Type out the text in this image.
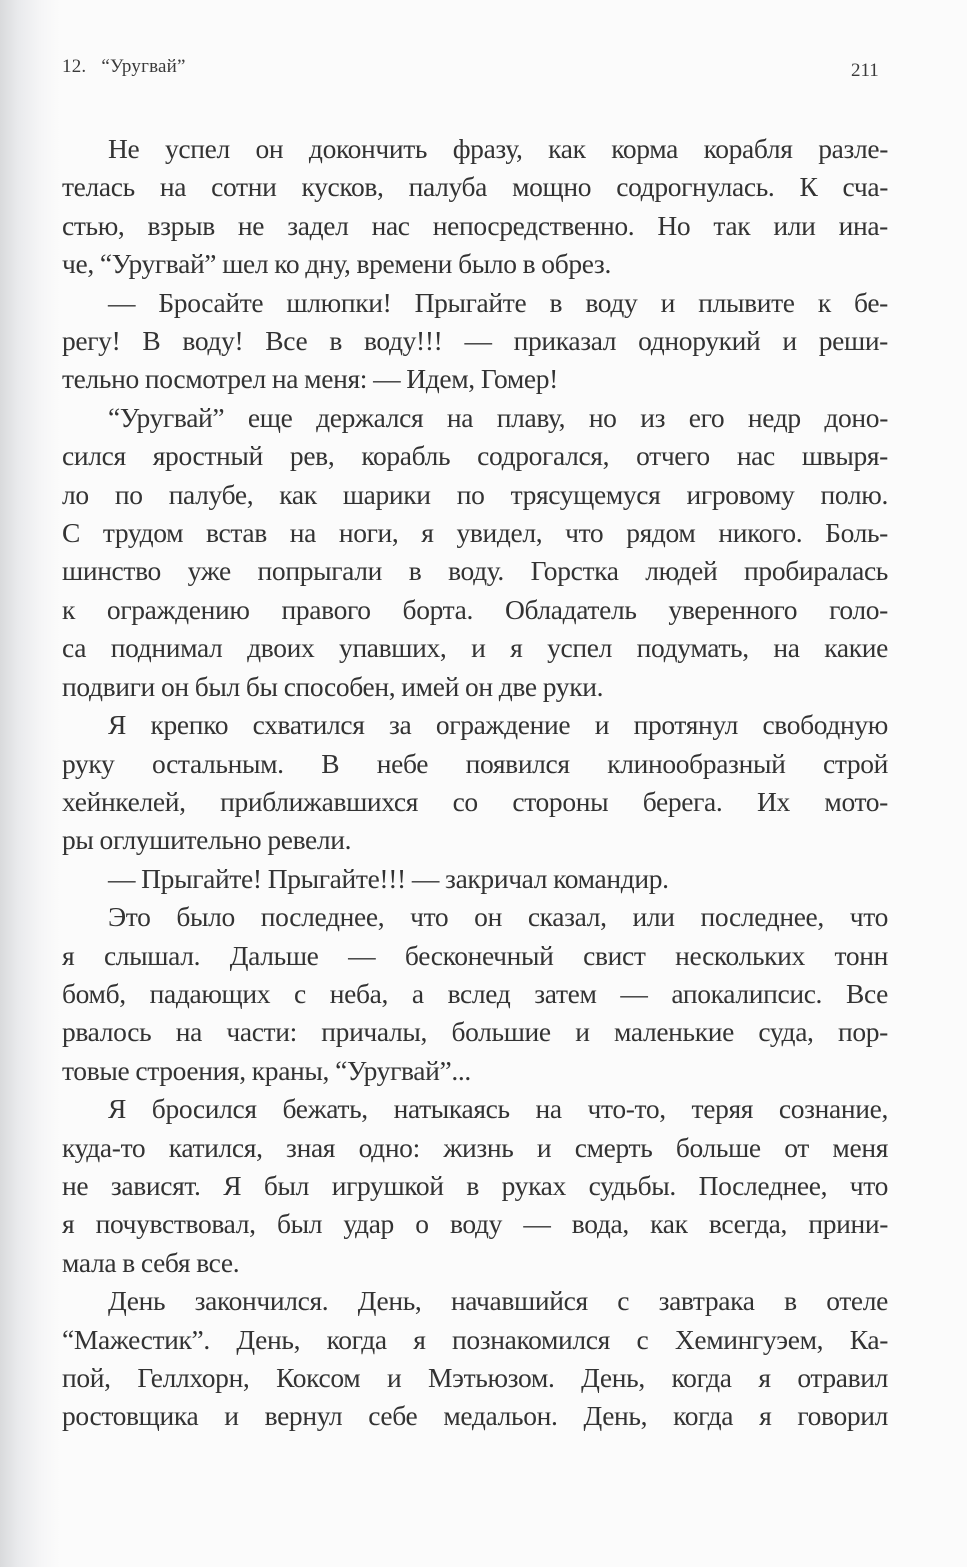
12. “Уругвай”	211

Не успел он докончить фразу, как корма корабля разле-
телась на сотни кусков, палуба мощно содрогнулась. К сча-
стью, взрыв не задел нас непосредственно. Но так или ина-
че, “Уругвай” шел ко дну, времени было в обрез.

— Бросайте шлюпки! Прыгайте в воду и плывите к бе-
регу! В воду! Все в воду!!! — приказал однорукий и реши-
тельно посмотрел на меня: — Идем, Гомер!

“Уругвай” еще держался на плаву, но из его недр доно-
сился яростный рев, корабль содрогался, отчего нас швыря-
ло по палубе, как шарики по трясущемуся игровому полю.
С трудом встав на ноги, я увидел, что рядом никого. Боль-
шинство уже попрыгали в воду. Горстка людей пробиралась
к ограждению правого борта. Обладатель уверенного голо-
са поднимал двоих упавших, и я успел подумать, на какие
подвиги он был бы способен, имей он две руки.

Я крепко схватился за ограждение и протянул свободную
руку остальным. В небе появился клинообразный строй
хейнкелей, приближавшихся со стороны берега. Их мото-
ры оглушительно ревели.

— Прыгайте! Прыгайте!!! — закричал командир.

Это было последнее, что он сказал, или последнее, что
я слышал. Дальше — бесконечный свист нескольких тонн
бомб, падающих с неба, а вслед затем — апокалипсис. Все
рвалось на части: причалы, большие и маленькие суда, пор-
товые строения, краны, “Уругвай”...

Я бросился бежать, натыкаясь на что-то, теряя сознание,
куда-то катился, зная одно: жизнь и смерть больше от меня
не зависят. Я был игрушкой в руках судьбы. Последнее, что
я почувствовал, был удар о воду — вода, как всегда, прини-
мала в себя все.

День закончился. День, начавшийся с завтрака в отеле
“Мажестик”. День, когда я познакомился с Хемингуэем, Ка-
пой, Геллхорн, Коксом и Мэтьюзом. День, когда я отравил
ростовщика и вернул себе медальон. День, когда я говорил
